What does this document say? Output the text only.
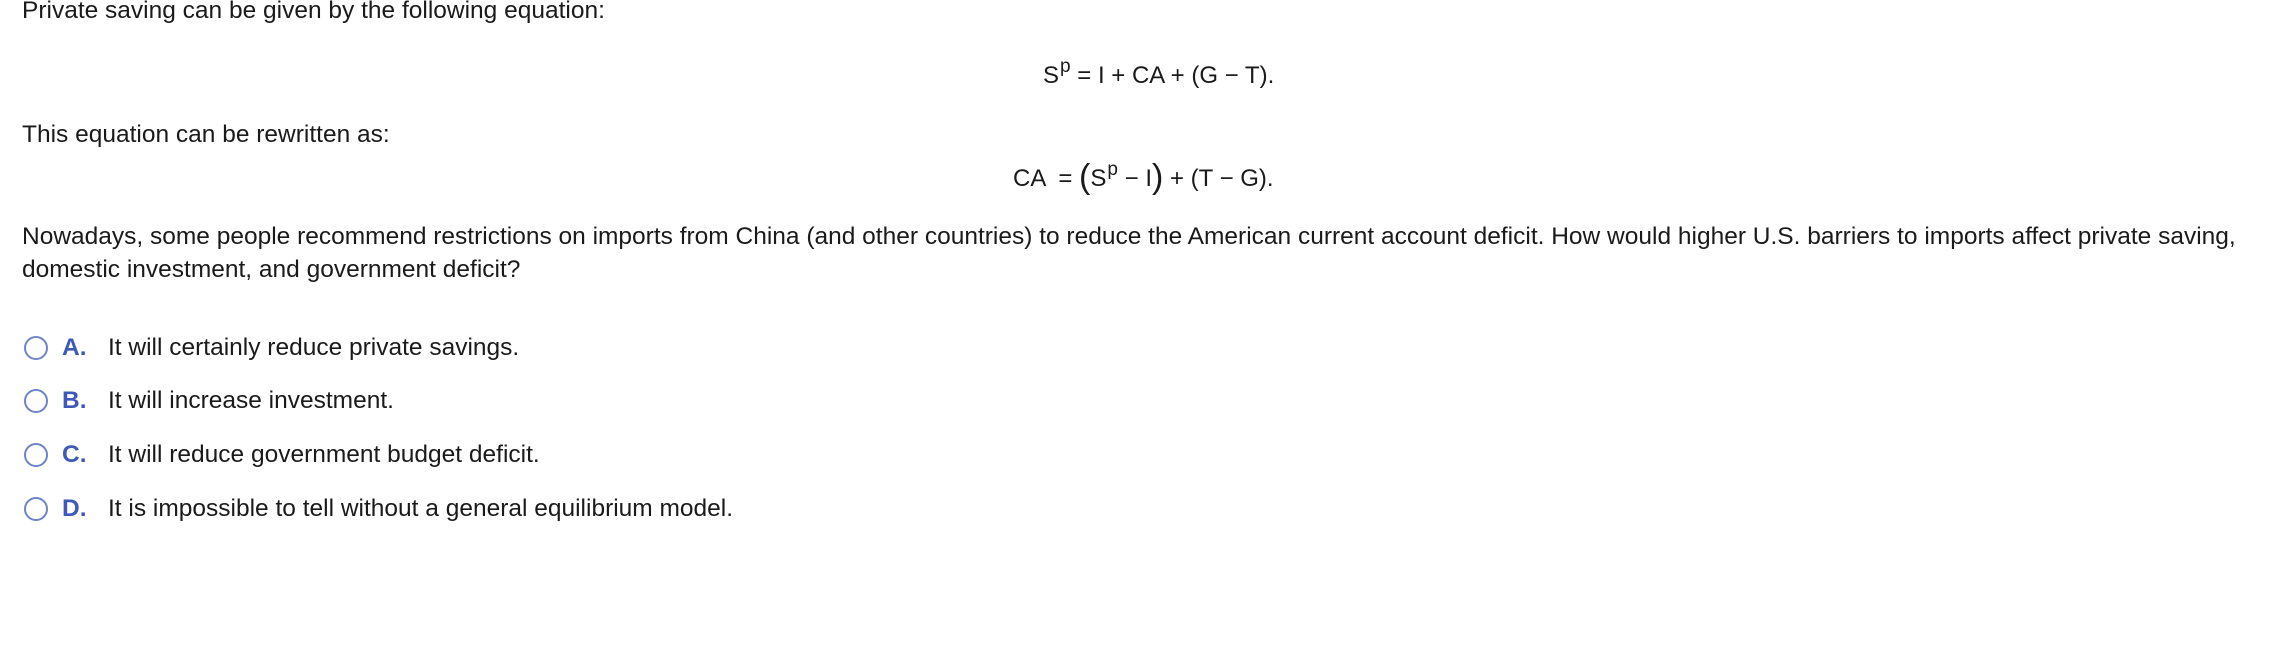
Private saving can be given by the following equation:
$S^p = I$ + CA + (G − T).
This equation can be rewritten as:
CA  = $(S^p - I) + (T - G)$.
Nowadays, some people recommend restrictions on imports from China (and other countries) to reduce the American current account deficit. How would higher U.S. barriers to imports affect private saving, domestic investment, and government deficit?
A. It will certainly reduce private savings.
B. It will increase investment.
C. It will reduce government budget deficit.
D. It is impossible to tell without a general equilibrium model.
